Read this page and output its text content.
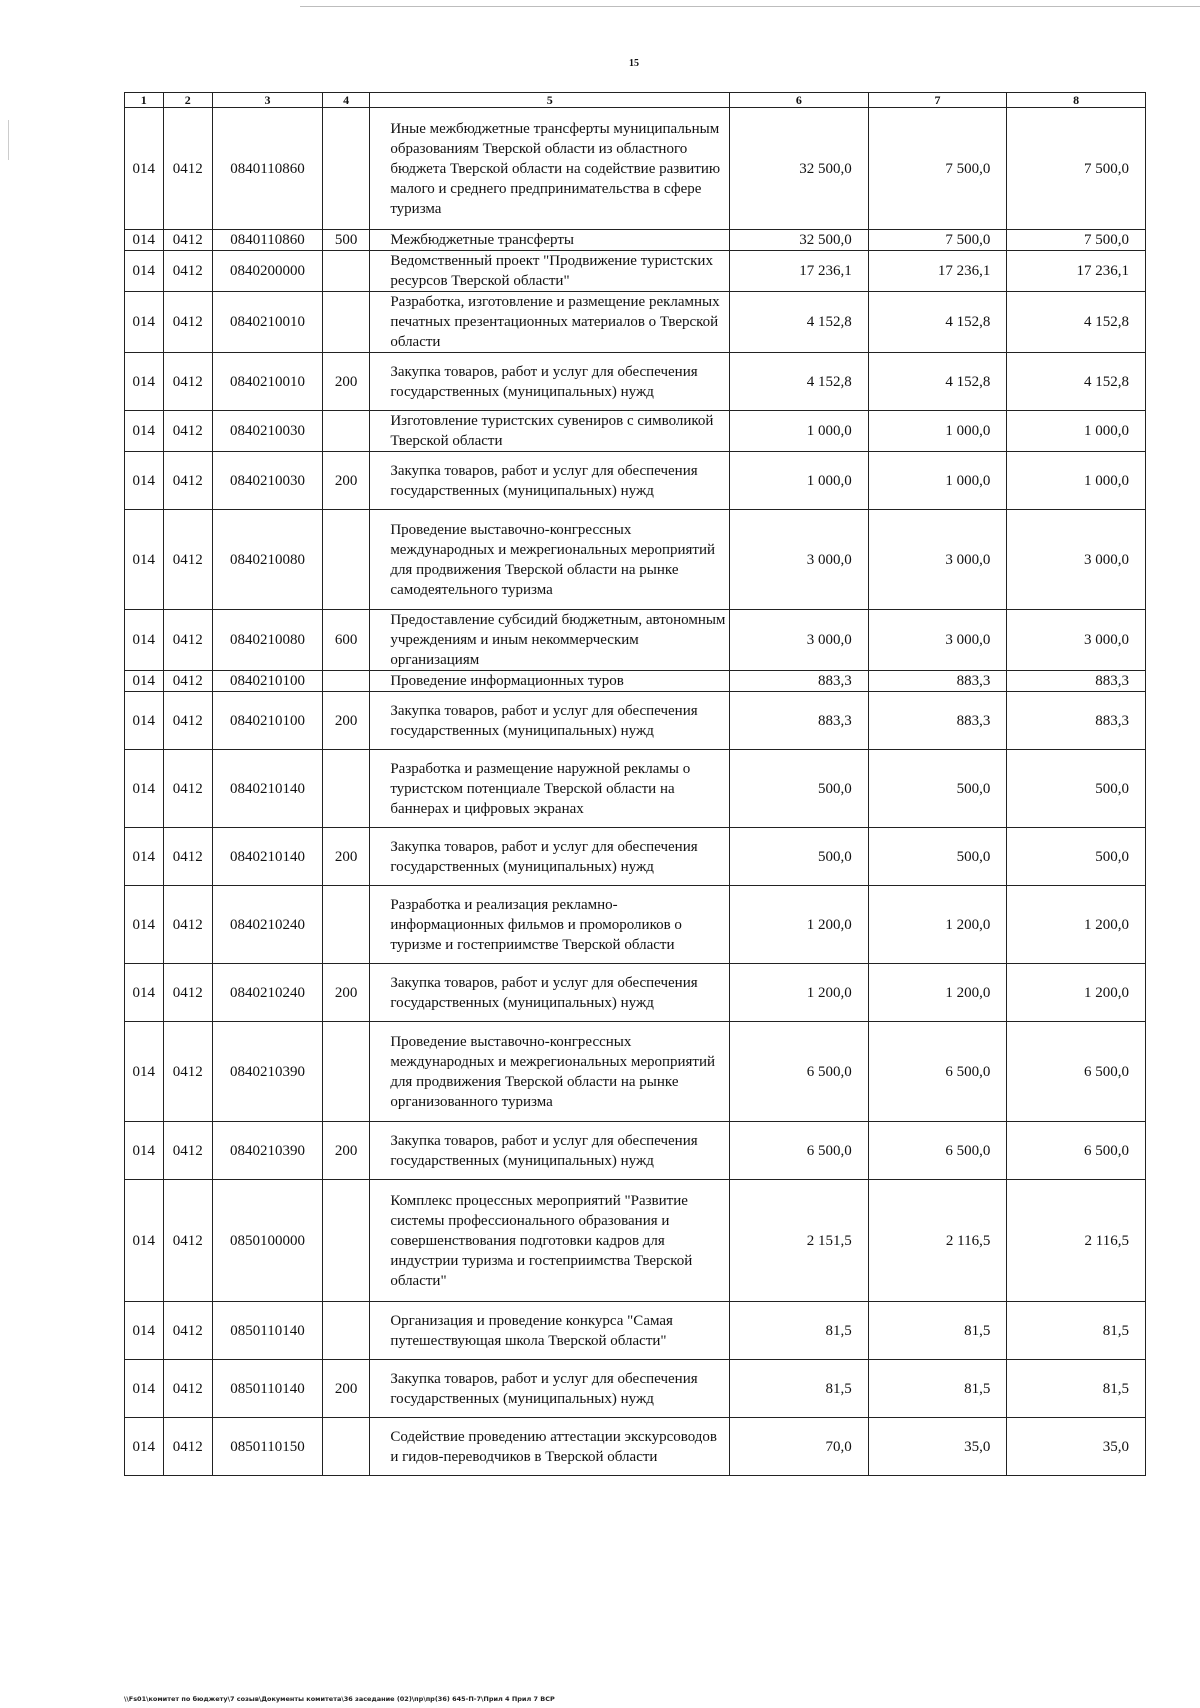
15
1	2	3	4	5	6	7	8
014	0412	0840110860		Иные межбюджетные трансферты муниципальным образованиям Тверской области из областного бюджета Тверской области на содействие развитию малого и среднего предпринимательства в сфере туризма	32 500,0	7 500,0	7 500,0
014	0412	0840110860	500	Межбюджетные трансферты	32 500,0	7 500,0	7 500,0
014	0412	0840200000		Ведомственный проект "Продвижение туристских ресурсов Тверской области"	17 236,1	17 236,1	17 236,1
014	0412	0840210010		Разработка, изготовление и размещение рекламных печатных презентационных материалов о Тверской области	4 152,8	4 152,8	4 152,8
014	0412	0840210010	200	Закупка товаров, работ и услуг для обеспечения государственных (муниципальных) нужд	4 152,8	4 152,8	4 152,8
014	0412	0840210030		Изготовление туристских сувениров с символикой Тверской области	1 000,0	1 000,0	1 000,0
014	0412	0840210030	200	Закупка товаров, работ и услуг для обеспечения государственных (муниципальных) нужд	1 000,0	1 000,0	1 000,0
014	0412	0840210080		Проведение выставочно-конгрессных международных и межрегиональных мероприятий для продвижения Тверской области на рынке самодеятельного туризма	3 000,0	3 000,0	3 000,0
014	0412	0840210080	600	Предоставление субсидий бюджетным, автономным учреждениям и иным некоммерческим организациям	3 000,0	3 000,0	3 000,0
014	0412	0840210100		Проведение информационных туров	883,3	883,3	883,3
014	0412	0840210100	200	Закупка товаров, работ и услуг для обеспечения государственных (муниципальных) нужд	883,3	883,3	883,3
014	0412	0840210140		Разработка и размещение наружной рекламы о туристском потенциале Тверской области на баннерах и цифровых экранах	500,0	500,0	500,0
014	0412	0840210140	200	Закупка товаров, работ и услуг для обеспечения государственных (муниципальных) нужд	500,0	500,0	500,0
014	0412	0840210240		Разработка и реализация рекламно-информационных фильмов и промороликов о туризме и гостеприимстве Тверской области	1 200,0	1 200,0	1 200,0
014	0412	0840210240	200	Закупка товаров, работ и услуг для обеспечения государственных (муниципальных) нужд	1 200,0	1 200,0	1 200,0
014	0412	0840210390		Проведение выставочно-конгрессных международных и межрегиональных мероприятий для продвижения Тверской области на рынке организованного туризма	6 500,0	6 500,0	6 500,0
014	0412	0840210390	200	Закупка товаров, работ и услуг для обеспечения государственных (муниципальных) нужд	6 500,0	6 500,0	6 500,0
014	0412	0850100000		Комплекс процессных мероприятий "Развитие системы профессионального образования и совершенствования подготовки кадров для индустрии туризма и гостеприимства Тверской области"	2 151,5	2 116,5	2 116,5
014	0412	0850110140		Организация и проведение конкурса "Самая путешествующая школа Тверской области"	81,5	81,5	81,5
014	0412	0850110140	200	Закупка товаров, работ и услуг для обеспечения государственных (муниципальных) нужд	81,5	81,5	81,5
014	0412	0850110150		Содействие проведению аттестации экскурсоводов и гидов-переводчиков в Тверской области	70,0	35,0	35,0
\\Fs01\комитет по бюджету\7 созыв\Документы комитета\36 заседание (02)\пр\пр(36) 645-П-7\Прил 4 Прил 7 ВСР
